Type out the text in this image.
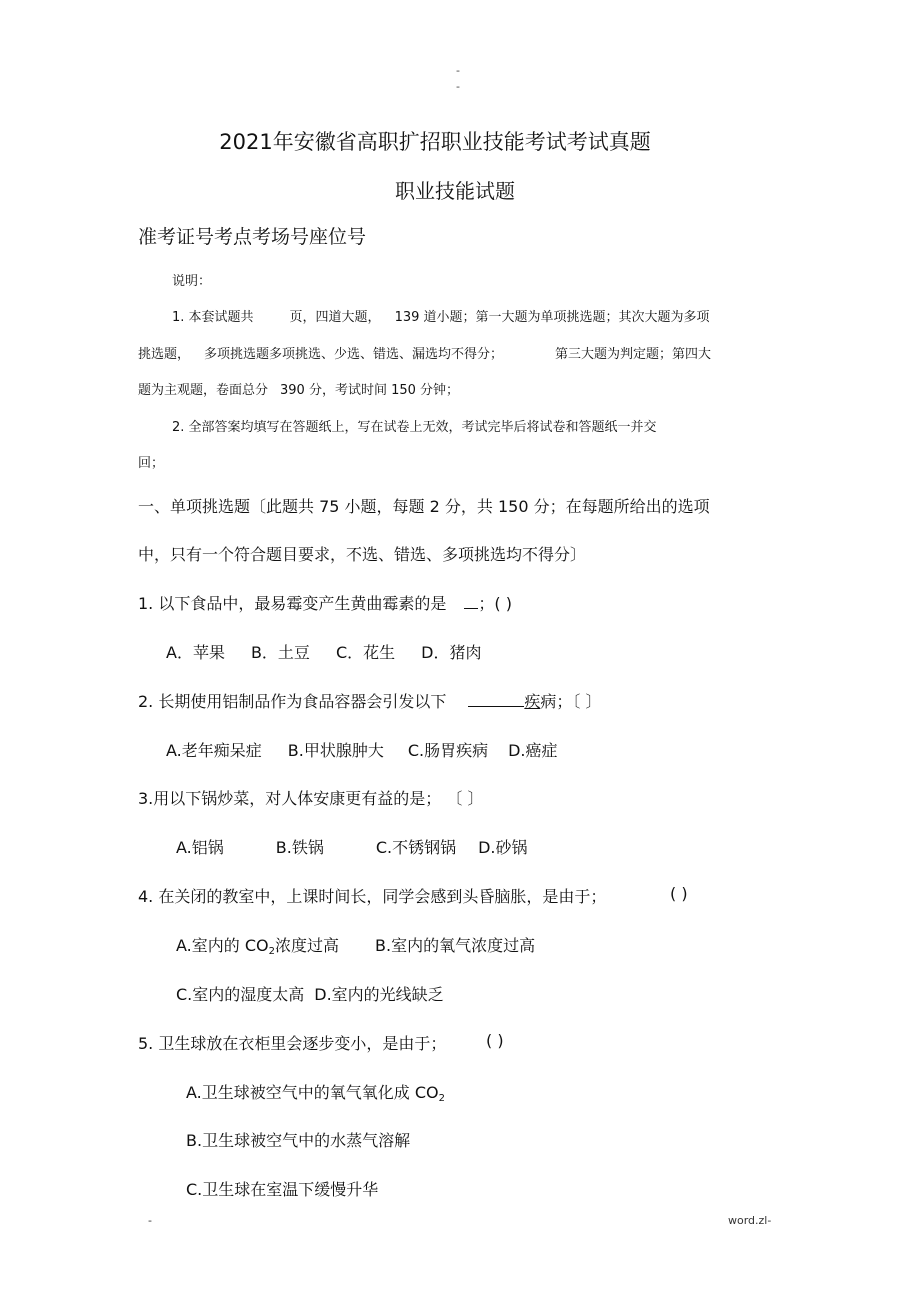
-
-
2021年安徽省高职扩招职业技能考试考试真题
职业技能试题
准考证号考点考场号座位号
说明：
1. 本套试题共	页，四道大题， 139 道小题；第一大题为单项挑选题；其次大题为多项
挑选题， 多项挑选题多项挑选、少选、错选、漏选均不得分；	第三大题为判定题；第四大
题为主观题，卷面总分 390 分，考试时间 150 分钟；
2. 全部答案均填写在答题纸上，写在试卷上无效，考试完毕后将试卷和答题纸一并交
回；
一、单项挑选题〔此题共 75 小题，每题 2 分，共 150 分；在每题所给出的选项
中，只有一个符合题目要求，不选、错选、多项挑选均不得分〕
1. 以下食品中，最易霉变产生黄曲霉素的是 ；( )
A．苹果 B．土豆 C．花生 D．猪肉
2. 长期使用铝制品作为食品容器会引发以下	疾病；〔 〕
A.老年痴呆症 B.甲状腺肿大 C.肠胃疾病 D.癌症
3.用以下锅炒菜，对人体安康更有益的是； 〔 〕
A.铝锅	B.铁锅	C.不锈钢锅 D.砂锅
4. 在关闭的教室中，上课时间长，同学会感到头昏脑胀，是由于；	( )
A.室内的 $CO_2$浓度过高 B.室内的氧气浓度过高
C.室内的湿度太高 D.室内的光线缺乏
5. 卫生球放在衣柜里会逐步变小，是由于； ( )
A.卫生球被空气中的氧气氧化成 $CO_2$
B.卫生球被空气中的水蒸气溶解
C.卫生球在室温下缓慢升华
-	word.zl-
